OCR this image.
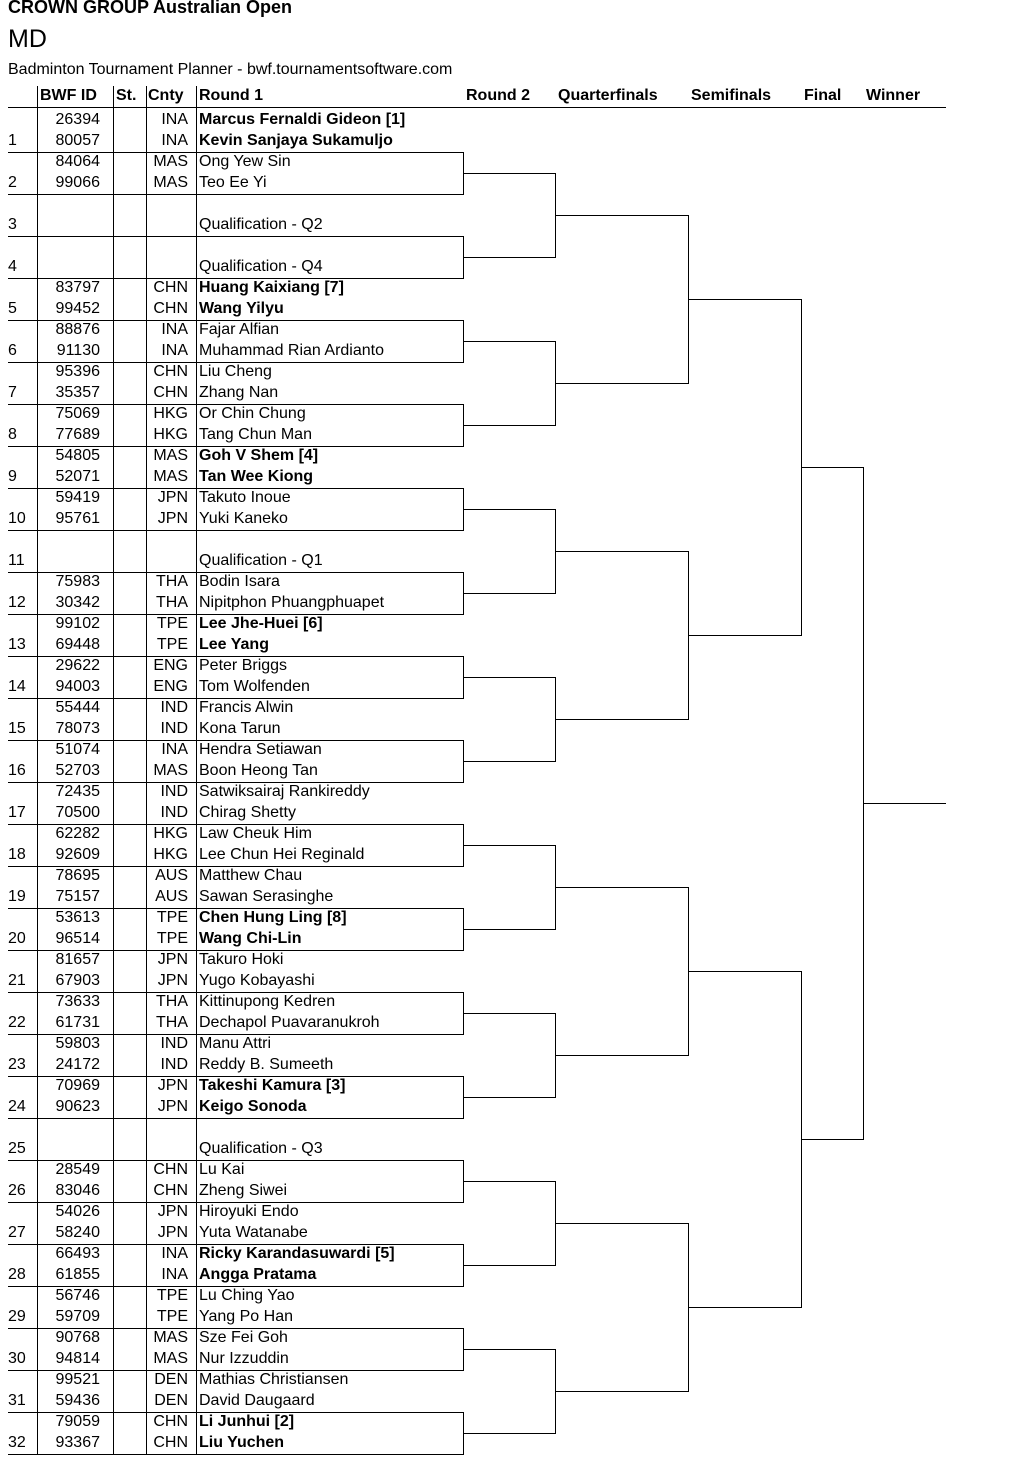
CROWN GROUP Australian Open
MD
Badminton Tournament Planner - bwf.tournamentsoftware.com
BWF ID St. Cnty Round 1	Round 2 Quarterfinals Semifinals Final Winner
1
26394	INA Marcus Fernaldi Gideon [1]
80057	INA Kevin Sanjaya Sukamuljo
2
84064	MAS Ong Yew Sin
99066	MAS Teo Ee Yi
3	Qualification - Q2
4	Qualification - Q4
5
83797	CHN Huang Kaixiang [7]
99452	CHN Wang Yilyu
6
88876	INA Fajar Alfian
91130	INA Muhammad Rian Ardianto
7
95396	CHN Liu Cheng
35357	CHN Zhang Nan
8
75069	HKG Or Chin Chung
77689	HKG Tang Chun Man
9
54805	MAS Goh V Shem [4]
52071	MAS Tan Wee Kiong
10
59419	JPN Takuto Inoue
95761	JPN Yuki Kaneko
11	Qualification - Q1
12
75983	THA Bodin Isara
30342	THA Nipitphon Phuangphuapet
13
99102	TPE Lee Jhe-Huei [6]
69448	TPE Lee Yang
14
29622	ENG Peter Briggs
94003	ENG Tom Wolfenden
15
55444	IND Francis Alwin
78073	IND Kona Tarun
16
51074	INA Hendra Setiawan
52703	MAS Boon Heong Tan
17
72435	IND Satwiksairaj Rankireddy
70500	IND Chirag Shetty
18
62282	HKG Law Cheuk Him
92609	HKG Lee Chun Hei Reginald
19
78695	AUS Matthew Chau
75157	AUS Sawan Serasinghe
20
53613	TPE Chen Hung Ling [8]
96514	TPE Wang Chi-Lin
21
81657	JPN Takuro Hoki
67903	JPN Yugo Kobayashi
22
73633	THA Kittinupong Kedren
61731	THA Dechapol Puavaranukroh
23
59803	IND Manu Attri
24172	IND Reddy B. Sumeeth
24
70969	JPN Takeshi Kamura [3]
90623	JPN Keigo Sonoda
25	Qualification - Q3
26
28549	CHN Lu Kai
83046	CHN Zheng Siwei
27
54026	JPN Hiroyuki Endo
58240	JPN Yuta Watanabe
28
66493	INA Ricky Karandasuwardi [5]
61855	INA Angga Pratama
29
56746	TPE Lu Ching Yao
59709	TPE Yang Po Han
30
90768	MAS Sze Fei Goh
94814	MAS Nur Izzuddin
31
99521	DEN Mathias Christiansen
59436	DEN David Daugaard
32
79059	CHN Li Junhui [2]
93367	CHN Liu Yuchen
